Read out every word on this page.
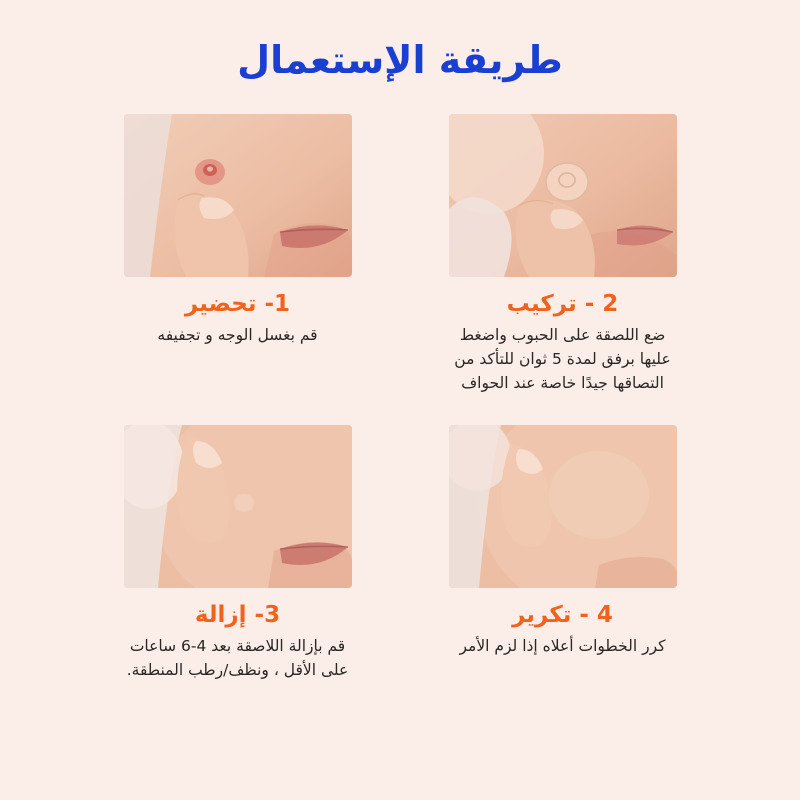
طريقة الإستعمال
2 - تركيب
ضع اللصقة على الحبوب واضغط عليها برفق لمدة 5 ثوان للتأكد من التصاقها جيدًا خاصة عند الحواف
1- تحضير
قم بغسل الوجه و تجفيفه
4 - تكرير
كرر الخطوات أعلاه إذا لزم الأمر
3- إزالة
قم بإزالة اللاصقة بعد 4-6 ساعات على الأقل ، ونظف/رطب المنطقة.
